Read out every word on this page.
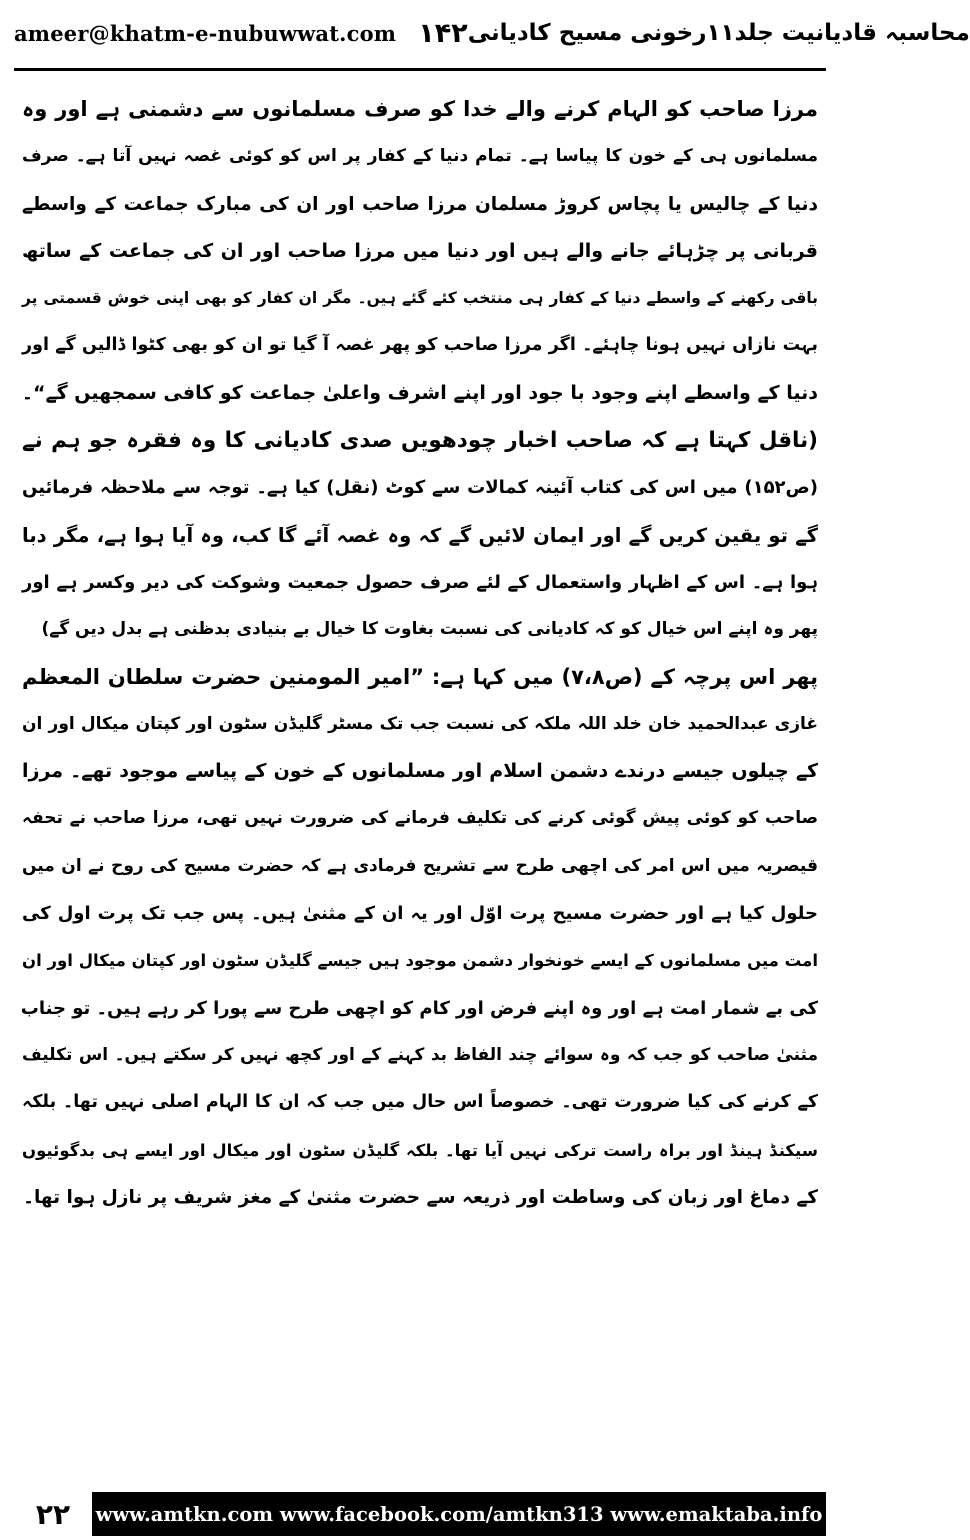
ameer@khatm-e-nubuwwat.com ۱۴۲ محاسبہ قادیانیت جلد۱۱رخونی مسیح کادیانی
مرزا صاحب کو الہام کرنے والے خدا کو صرف مسلمانوں سے دشمنی ہے اور وہ
مسلمانوں ہی کے خون کا پیاسا ہے۔ تمام دنیا کے کفار پر اس کو کوئی غصہ نہیں آتا ہے۔ صرف
دنیا کے چالیس یا پچاس کروڑ مسلمان مرزا صاحب اور ان کی مبارک جماعت کے واسطے
قربانی پر چڑہائے جانے والے ہیں اور دنیا میں مرزا صاحب اور ان کی جماعت کے ساتھ
باقی رکھنے کے واسطے دنیا کے کفار ہی منتخب کئے گئے ہیں۔ مگر ان کفار کو بھی اپنی خوش قسمتی پر
بہت نازاں نہیں ہونا چاہئے۔ اگر مرزا صاحب کو پھر غصہ آ گیا تو ان کو بھی کٹوا ڈالیں گے اور
دنیا کے واسطے اپنے وجود با جود اور اپنے اشرف واعلیٰ جماعت کو کافی سمجھیں گے“۔
(ناقل کہتا ہے کہ صاحب اخبار چودھویں صدی کادیانی کا وہ فقرہ جو ہم نے
(ص۱۵۲) میں اس کی کتاب آئینہ کمالات سے کوٹ (نقل) کیا ہے۔ توجہ سے ملاحظہ فرمائیں
گے تو یقین کریں گے اور ایمان لائیں گے کہ وہ غصہ آئے گا کب، وہ آیا ہوا ہے، مگر دبا
ہوا ہے۔ اس کے اظہار واستعمال کے لئے صرف حصول جمعیت وشوکت کی دیر وکسر ہے اور
پھر وہ اپنے اس خیال کو کہ کادیانی کی نسبت بغاوت کا خیال بے بنیادی بدظنی ہے بدل دیں گے)
پھر اس پرچہ کے (ص۷،۸) میں کہا ہے: ”امیر المومنین حضرت سلطان المعظم
غازی عبدالحمید خان خلد اللہ ملکہ کی نسبت جب تک مسٹر گلیڈن سٹون اور کپتان میکال اور ان
کے چیلوں جیسے درندے دشمن اسلام اور مسلمانوں کے خون کے پیاسے موجود تھے۔ مرزا
صاحب کو کوئی پیش گوئی کرنے کی تکلیف فرمانے کی ضرورت نہیں تھی، مرزا صاحب نے تحفہ
قیصریہ میں اس امر کی اچھی طرح سے تشریح فرمادی ہے کہ حضرت مسیح کی روح نے ان میں
حلول کیا ہے اور حضرت مسیح پرت اوّل اور یہ ان کے مثنیٰ ہیں۔ پس جب تک پرت اول کی
امت میں مسلمانوں کے ایسے خونخوار دشمن موجود ہیں جیسے گلیڈن سٹون اور کپتان میکال اور ان
کی بے شمار امت ہے اور وہ اپنے فرض اور کام کو اچھی طرح سے پورا کر رہے ہیں۔ تو جناب
مثنیٰ صاحب کو جب کہ وہ سوائے چند الفاظ بد کہنے کے اور کچھ نہیں کر سکتے ہیں۔ اس تکلیف
کے کرنے کی کیا ضرورت تھی۔ خصوصاً اس حال میں جب کہ ان کا الہام اصلی نہیں تھا۔ بلکہ
سیکنڈ ہینڈ اور براہ راست ترکی نہیں آیا تھا۔ بلکہ گلیڈن سٹون اور میکال اور ایسے ہی بدگوئیوں
کے دماغ اور زبان کی وساطت اور ذریعہ سے حضرت مثنیٰ کے مغز شریف پر نازل ہوا تھا۔
۲۲	www.amtkn.com www.facebook.com/amtkn313 www.emaktaba.info
